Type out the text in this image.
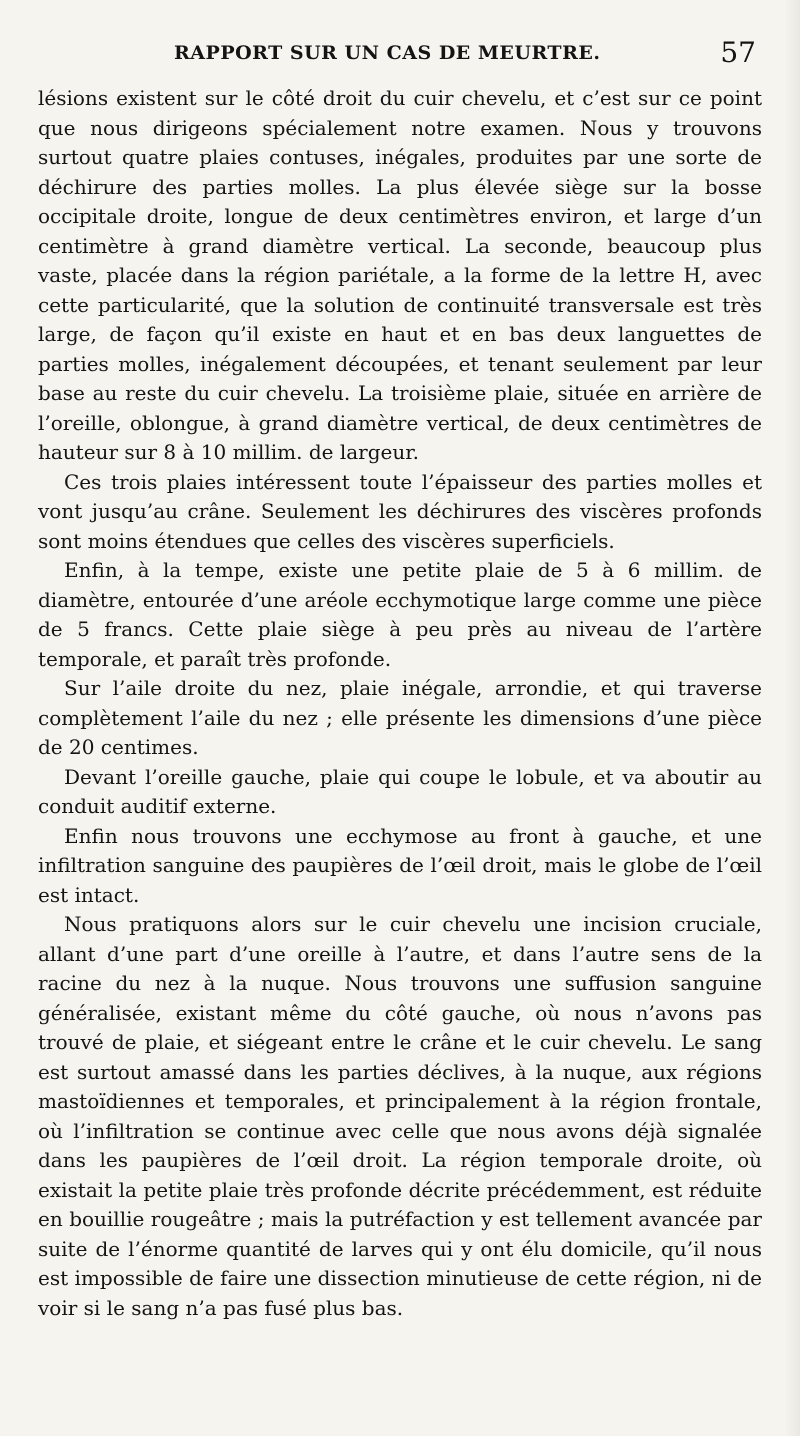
RAPPORT SUR UN CAS DE MEURTRE.	57

lésions existent sur le côté droit du cuir chevelu, et c’est sur ce point que nous dirigeons spécialement notre examen. Nous y trouvons surtout quatre plaies contuses, inégales, produites par une sorte de déchirure des parties molles. La plus élevée siège sur la bosse occipitale droite, longue de deux centimètres environ, et large d’un centimètre à grand diamètre vertical. La seconde, beaucoup plus vaste, placée dans la région pariétale, a la forme de la lettre H, avec cette particularité, que la solution de continuité transversale est très large, de façon qu’il existe en haut et en bas deux languettes de parties molles, inégalement découpées, et tenant seulement par leur base au reste du cuir chevelu. La troisième plaie, située en arrière de l’oreille, oblongue, à grand diamètre vertical, de deux centimètres de hauteur sur 8 à 10 millim. de largeur.

Ces trois plaies intéressent toute l’épaisseur des parties molles et vont jusqu’au crâne. Seulement les déchirures des viscères profonds sont moins étendues que celles des viscères superficiels.

Enfin, à la tempe, existe une petite plaie de 5 à 6 millim. de diamètre, entourée d’une aréole ecchymotique large comme une pièce de 5 francs. Cette plaie siège à peu près au niveau de l’artère temporale, et paraît très profonde.

Sur l’aile droite du nez, plaie inégale, arrondie, et qui traverse complètement l’aile du nez ; elle présente les dimensions d’une pièce de 20 centimes.

Devant l’oreille gauche, plaie qui coupe le lobule, et va aboutir au conduit auditif externe.

Enfin nous trouvons une ecchymose au front à gauche, et une infiltration sanguine des paupières de l’œil droit, mais le globe de l’œil est intact.

Nous pratiquons alors sur le cuir chevelu une incision cruciale, allant d’une part d’une oreille à l’autre, et dans l’autre sens de la racine du nez à la nuque. Nous trouvons une suffusion sanguine généralisée, existant même du côté gauche, où nous n’avons pas trouvé de plaie, et siégeant entre le crâne et le cuir chevelu. Le sang est surtout amassé dans les parties déclives, à la nuque, aux régions mastoïdiennes et temporales, et principalement à la région frontale, où l’infiltration se continue avec celle que nous avons déjà signalée dans les paupières de l’œil droit. La région temporale droite, où existait la petite plaie très profonde décrite précédemment, est réduite en bouillie rougeâtre ; mais la putréfaction y est tellement avancée par suite de l’énorme quantité de larves qui y ont élu domicile, qu’il nous est impossible de faire une dissection minutieuse de cette région, ni de voir si le sang n’a pas fusé plus bas.
